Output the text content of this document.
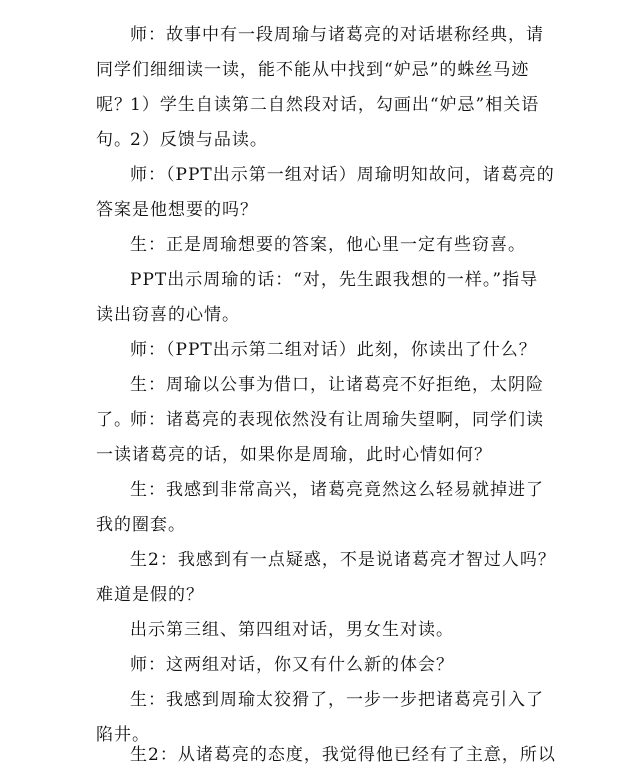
师：故事中有一段周瑜与诸葛亮的对话堪称经典，请同学们细细读一读，能不能从中找到“妒忌”的蛛丝马迹呢？

1）学生自读第二自然段对话，勾画出“妒忌”相关语句。

2）反馈与品读。

师：（PPT出示第一组对话）周瑜明知故问，诸葛亮的答案是他想要的吗？

生：正是周瑜想要的答案，他心里一定有些窃喜。

PPT出示周瑜的话：“对，先生跟我想的一样。”指导读出窃喜的心情。

师：（PPT出示第二组对话）此刻，你读出了什么？

生：周瑜以公事为借口，让诸葛亮不好拒绝，太阴险了。

师：诸葛亮的表现依然没有让周瑜失望啊，同学们读一读诸葛亮的话，如果你是周瑜，此时心情如何？

生：我感到非常高兴，诸葛亮竟然这么轻易就掉进了我的圈套。

生2：我感到有一点疑惑，不是说诸葛亮才智过人吗？难道是假的？

出示第三组、第四组对话，男女生对读。

师：这两组对话，你又有什么新的体会？

生：我感到周瑜太狡猾了，一步一步把诸葛亮引入了陷井。

生2：从诸葛亮的态度，我觉得他已经有了主意，所以
